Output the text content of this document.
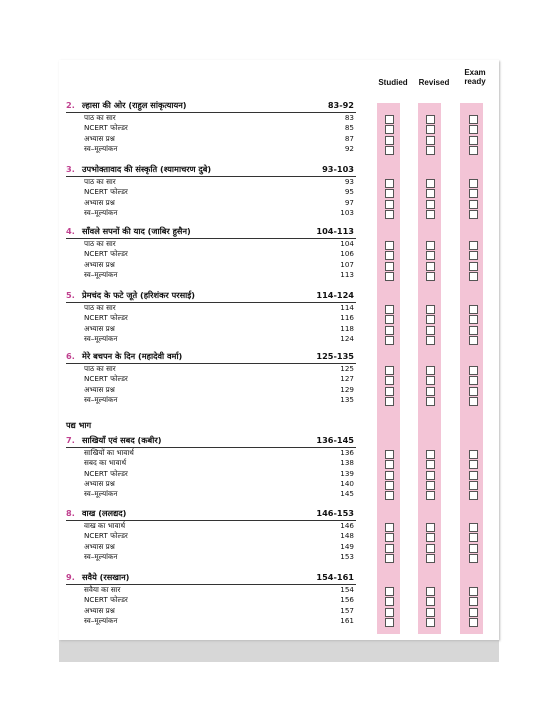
Studied	Revised
Exam
ready
पद्य भाग
2. ल्हासा की ओर (राहुल सांकृत्यायन)	83-92
पाठ का सार	83
NCERT फोल्डर	85
अभ्यास प्रश्न	87
स्व–मूल्यांकन	92
3. उपभोक्तावाद की संस्कृति (श्यामाचरण दुबे)	93-103
पाठ का सार	93
NCERT फोल्डर	95
अभ्यास प्रश्न	97
स्व–मूल्यांकन	103
4. साँवले सपनों की याद (जाबिर हुसैन)	104-113
पाठ का सार	104
NCERT फोल्डर	106
अभ्यास प्रश्न	107
स्व–मूल्यांकन	113
5. प्रेमचंद के फटे जूते (हरिशंकर परसाई)	114-124
पाठ का सार	114
NCERT फोल्डर	116
अभ्यास प्रश्न	118
स्व–मूल्यांकन	124
6. मेरे बचपन के दिन (महादेवी वर्मा)	125-135
पाठ का सार	125
NCERT फोल्डर	127
अभ्यास प्रश्न	129
स्व–मूल्यांकन	135
7. साखियाँ एवं सबद (कबीर)	136-145
साखियों का भावार्थ	136
सबद का भावार्थ	138
NCERT फोल्डर	139
अभ्यास प्रश्न	140
स्व–मूल्यांकन	145
8. वाख (ललद्यद)	146-153
वाख का भावार्थ	146
NCERT फोल्डर	148
अभ्यास प्रश्न	149
स्व–मूल्यांकन	153
9. सवैये (रसखान)	154-161
सवैया का सार	154
NCERT फोल्डर	156
अभ्यास प्रश्न	157
स्व–मूल्यांकन	161
